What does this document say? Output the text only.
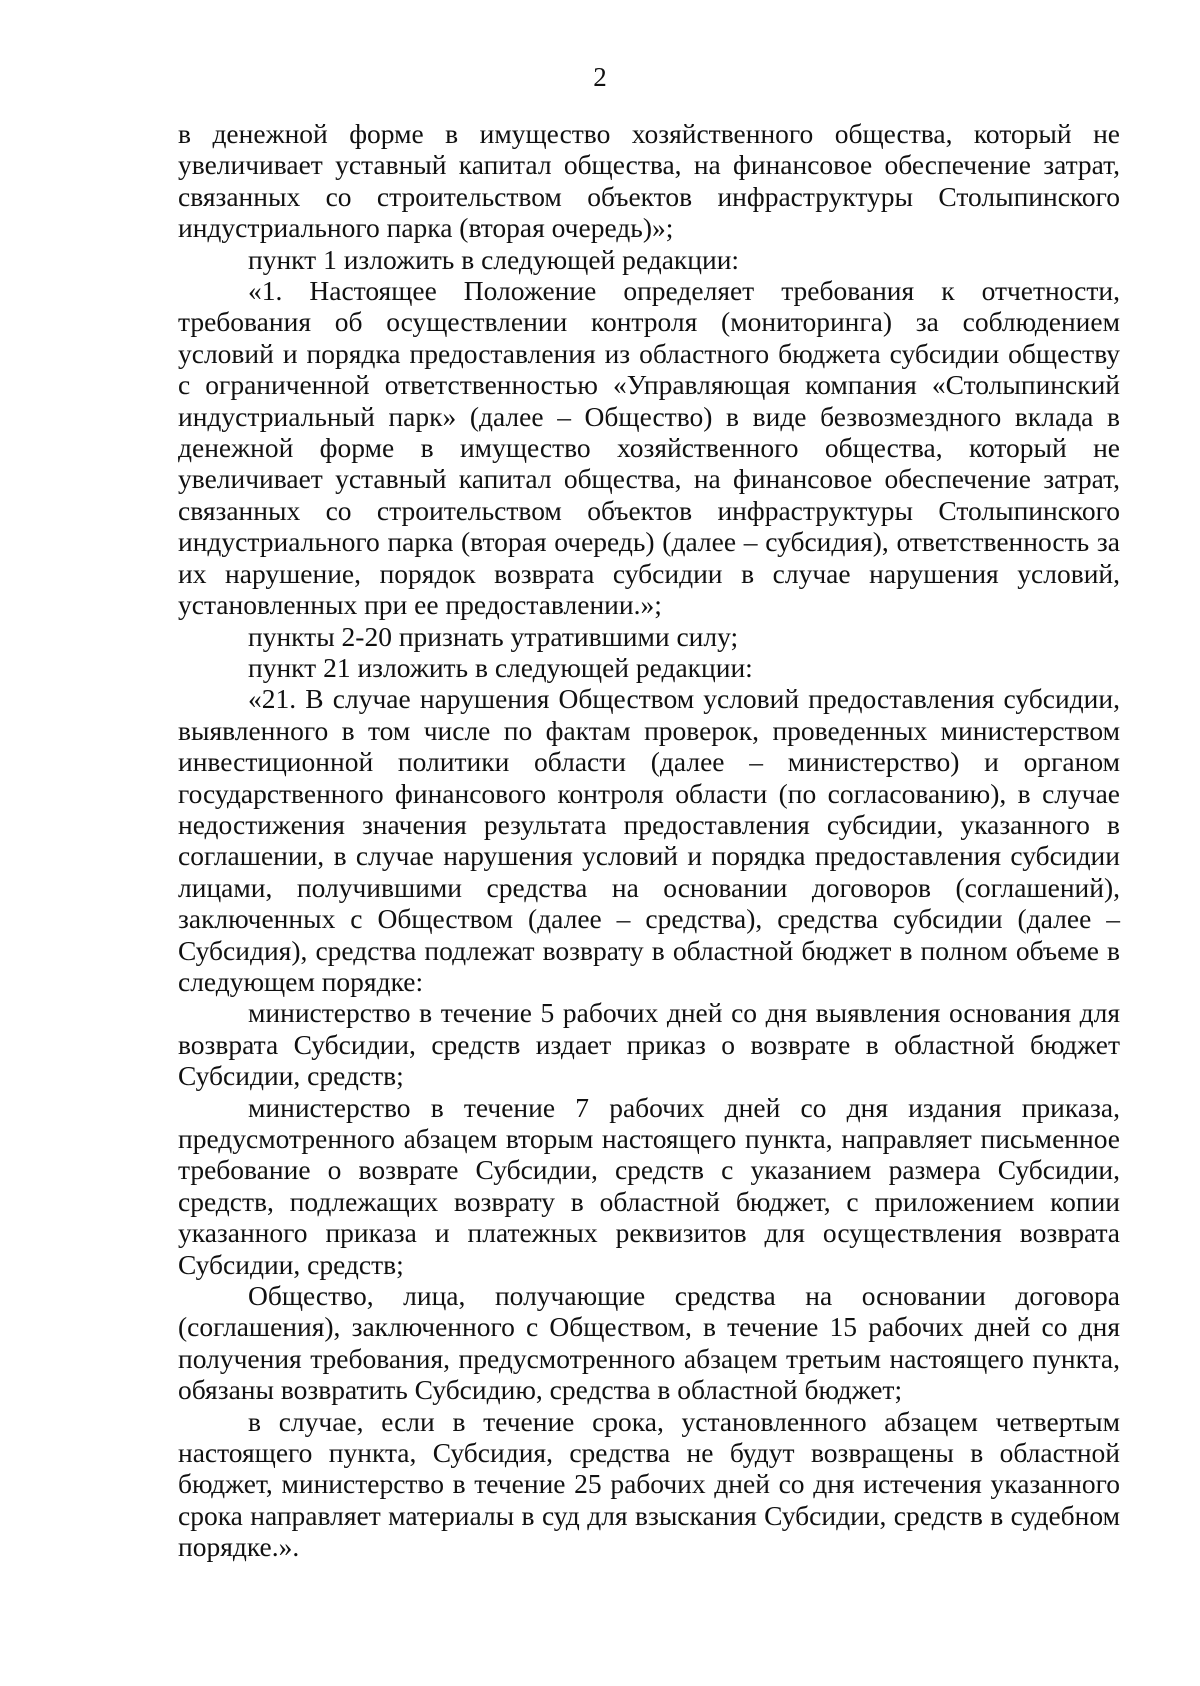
2

в денежной форме в имущество хозяйственного общества, который не увеличивает уставный капитал общества, на финансовое обеспечение затрат, связанных со строительством объектов инфраструктуры Столыпинского индустриального парка (вторая очередь)»;

пункт 1 изложить в следующей редакции:

«1. Настоящее Положение определяет требования к отчетности, требования об осуществлении контроля (мониторинга) за соблюдением условий и порядка предоставления из областного бюджета субсидии обществу с ограниченной ответственностью «Управляющая компания «Столыпинский индустриальный парк» (далее – Общество) в виде безвозмездного вклада в денежной форме в имущество хозяйственного общества, который не увеличивает уставный капитал общества, на финансовое обеспечение затрат, связанных со строительством объектов инфраструктуры Столыпинского индустриального парка (вторая очередь) (далее – субсидия), ответственность за их нарушение, порядок возврата субсидии в случае нарушения условий, установленных при ее предоставлении.»;

пункты 2-20 признать утратившими силу;

пункт 21 изложить в следующей редакции:

«21. В случае нарушения Обществом условий предоставления субсидии, выявленного в том числе по фактам проверок, проведенных министерством инвестиционной политики области (далее – министерство) и органом государственного финансового контроля области (по согласованию), в случае недостижения значения результата предоставления субсидии, указанного в соглашении, в случае нарушения условий и порядка предоставления субсидии лицами, получившими средства на основании договоров (соглашений), заключенных с Обществом (далее – средства), средства субсидии (далее – Субсидия), средства подлежат возврату в областной бюджет в полном объеме в следующем порядке:

министерство в течение 5 рабочих дней со дня выявления основания для возврата Субсидии, средств издает приказ о возврате в областной бюджет Субсидии, средств;

министерство в течение 7 рабочих дней со дня издания приказа, предусмотренного абзацем вторым настоящего пункта, направляет письменное требование о возврате Субсидии, средств с указанием размера Субсидии, средств, подлежащих возврату в областной бюджет, с приложением копии указанного приказа и платежных реквизитов для осуществления возврата Субсидии, средств;

Общество, лица, получающие средства на основании договора (соглашения), заключенного с Обществом, в течение 15 рабочих дней со дня получения требования, предусмотренного абзацем третьим настоящего пункта, обязаны возвратить Субсидию, средства в областной бюджет;

в случае, если в течение срока, установленного абзацем четвертым настоящего пункта, Субсидия, средства не будут возвращены в областной бюджет, министерство в течение 25 рабочих дней со дня истечения указанного срока направляет материалы в суд для взыскания Субсидии, средств в судебном порядке.».
